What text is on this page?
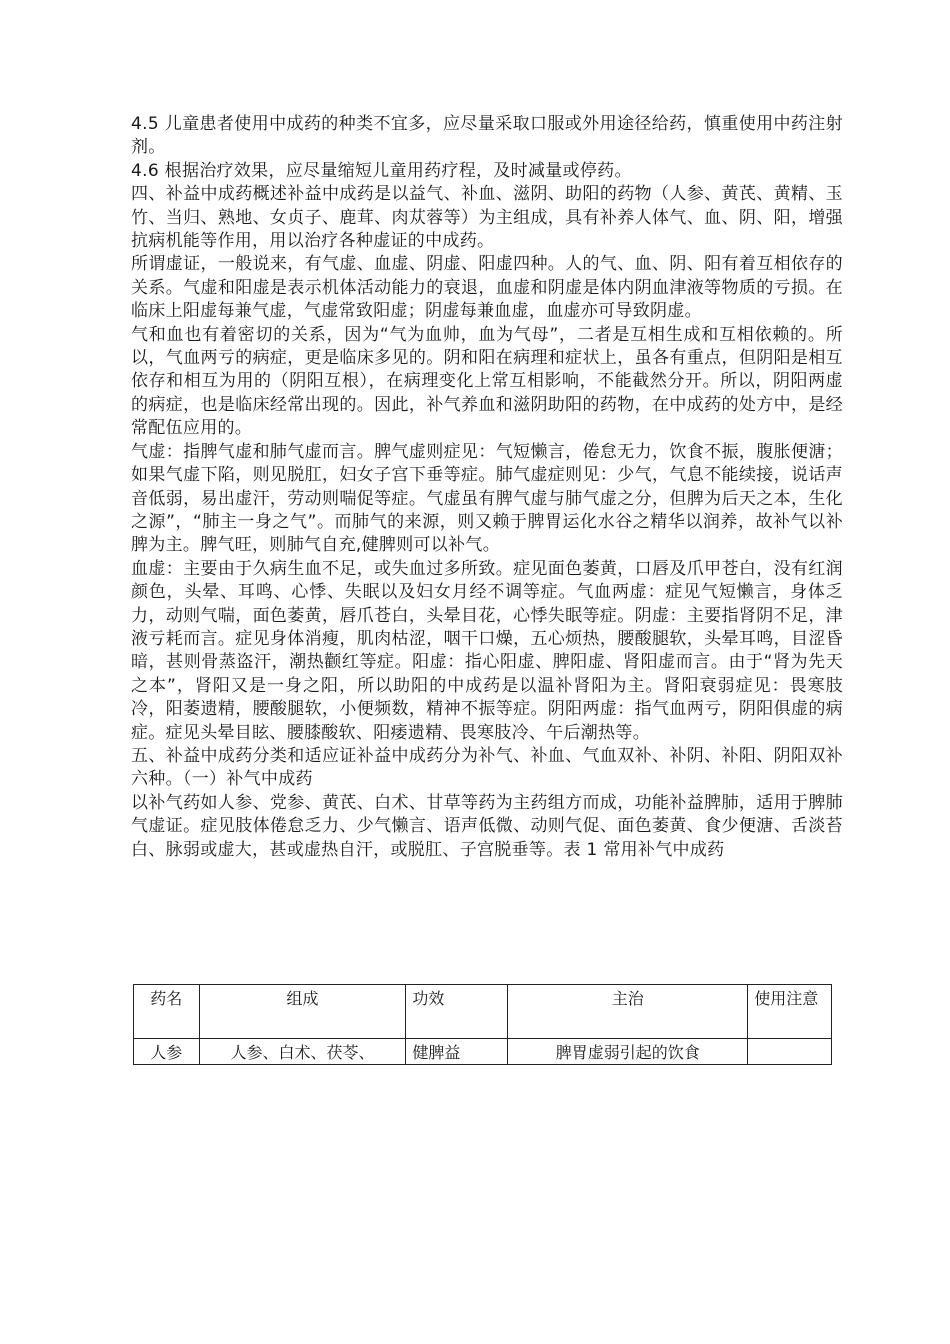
4.5 儿童患者使用中成药的种类不宜多，应尽量采取口服或外用途径给药，慎重使用中药注射剂。

4.6 根据治疗效果，应尽量缩短儿童用药疗程，及时减量或停药。

四、补益中成药概述补益中成药是以益气、补血、滋阴、助阳的药物（人参、黄芪、黄精、玉竹、当归、熟地、女贞子、鹿茸、肉苁蓉等）为主组成，具有补养人体气、血、阴、阳，增强抗病机能等作用，用以治疗各种虚证的中成药。

所谓虚证，一般说来，有气虚、血虚、阴虚、阳虚四种。人的气、血、阴、阳有着互相依存的关系。气虚和阳虚是表示机体活动能力的衰退，血虚和阴虚是体内阴血津液等物质的亏损。在临床上阳虚每兼气虚，气虚常致阳虚；阴虚每兼血虚，血虚亦可导致阴虚。

气和血也有着密切的关系，因为“气为血帅，血为气母”，二者是互相生成和互相依赖的。所以，气血两亏的病症，更是临床多见的。阴和阳在病理和症状上，虽各有重点，但阴阳是相互依存和相互为用的（阴阳互根），在病理变化上常互相影响，不能截然分开。所以，阴阳两虚的病症，也是临床经常出现的。因此，补气养血和滋阴助阳的药物，在中成药的处方中，是经常配伍应用的。

气虚：指脾气虚和肺气虚而言。脾气虚则症见：气短懒言，倦怠无力，饮食不振，腹胀便溏；如果气虚下陷，则见脱肛，妇女子宫下垂等症。肺气虚症则见：少气，气息不能续接，说话声音低弱，易出虚汗，劳动则喘促等症。气虚虽有脾气虚与肺气虚之分，但脾为后天之本，生化之源”，“肺主一身之气”。而肺气的来源，则又赖于脾胃运化水谷之精华以润养，故补气以补脾为主。脾气旺，则肺气自充,健脾则可以补气。

血虚：主要由于久病生血不足，或失血过多所致。症见面色萎黄，口唇及爪甲苍白，没有红润颜色，头晕、耳鸣、心悸、失眠以及妇女月经不调等症。气血两虚：症见气短懒言，身体乏力，动则气喘，面色萎黄，唇爪苍白，头晕目花，心悸失眠等症。阴虚：主要指肾阴不足，津液亏耗而言。症见身体消瘦，肌肉枯涩，咽干口燥，五心烦热，腰酸腿软，头晕耳鸣，目涩昏暗，甚则骨蒸盗汗，潮热颧红等症。阳虚：指心阳虚、脾阳虚、肾阳虚而言。由于“肾为先天之本”，肾阳又是一身之阳，所以助阳的中成药是以温补肾阳为主。肾阳衰弱症见：畏寒肢冷，阳萎遗精，腰酸腿软，小便频数，精神不振等症。阴阳两虚：指气血两亏，阴阳俱虚的病症。症见头晕目眩、腰膝酸软、阳痿遗精、畏寒肢冷、午后潮热等。

五、补益中成药分类和适应证补益中成药分为补气、补血、气血双补、补阴、补阳、阴阳双补六种。（一）补气中成药

以补气药如人参、党参、黄芪、白术、甘草等药为主药组方而成，功能补益脾肺，适用于脾肺气虚证。症见肢体倦怠乏力、少气懒言、语声低微、动则气促、面色萎黄、食少便溏、舌淡苔白、脉弱或虚大，甚或虚热自汗，或脱肛、子宫脱垂等。表 1 常用补气中成药

药名	组成	功效	主治	使用注意
人参	人参、白术、茯苓、	健脾益	脾胃虚弱引起的饮食	
